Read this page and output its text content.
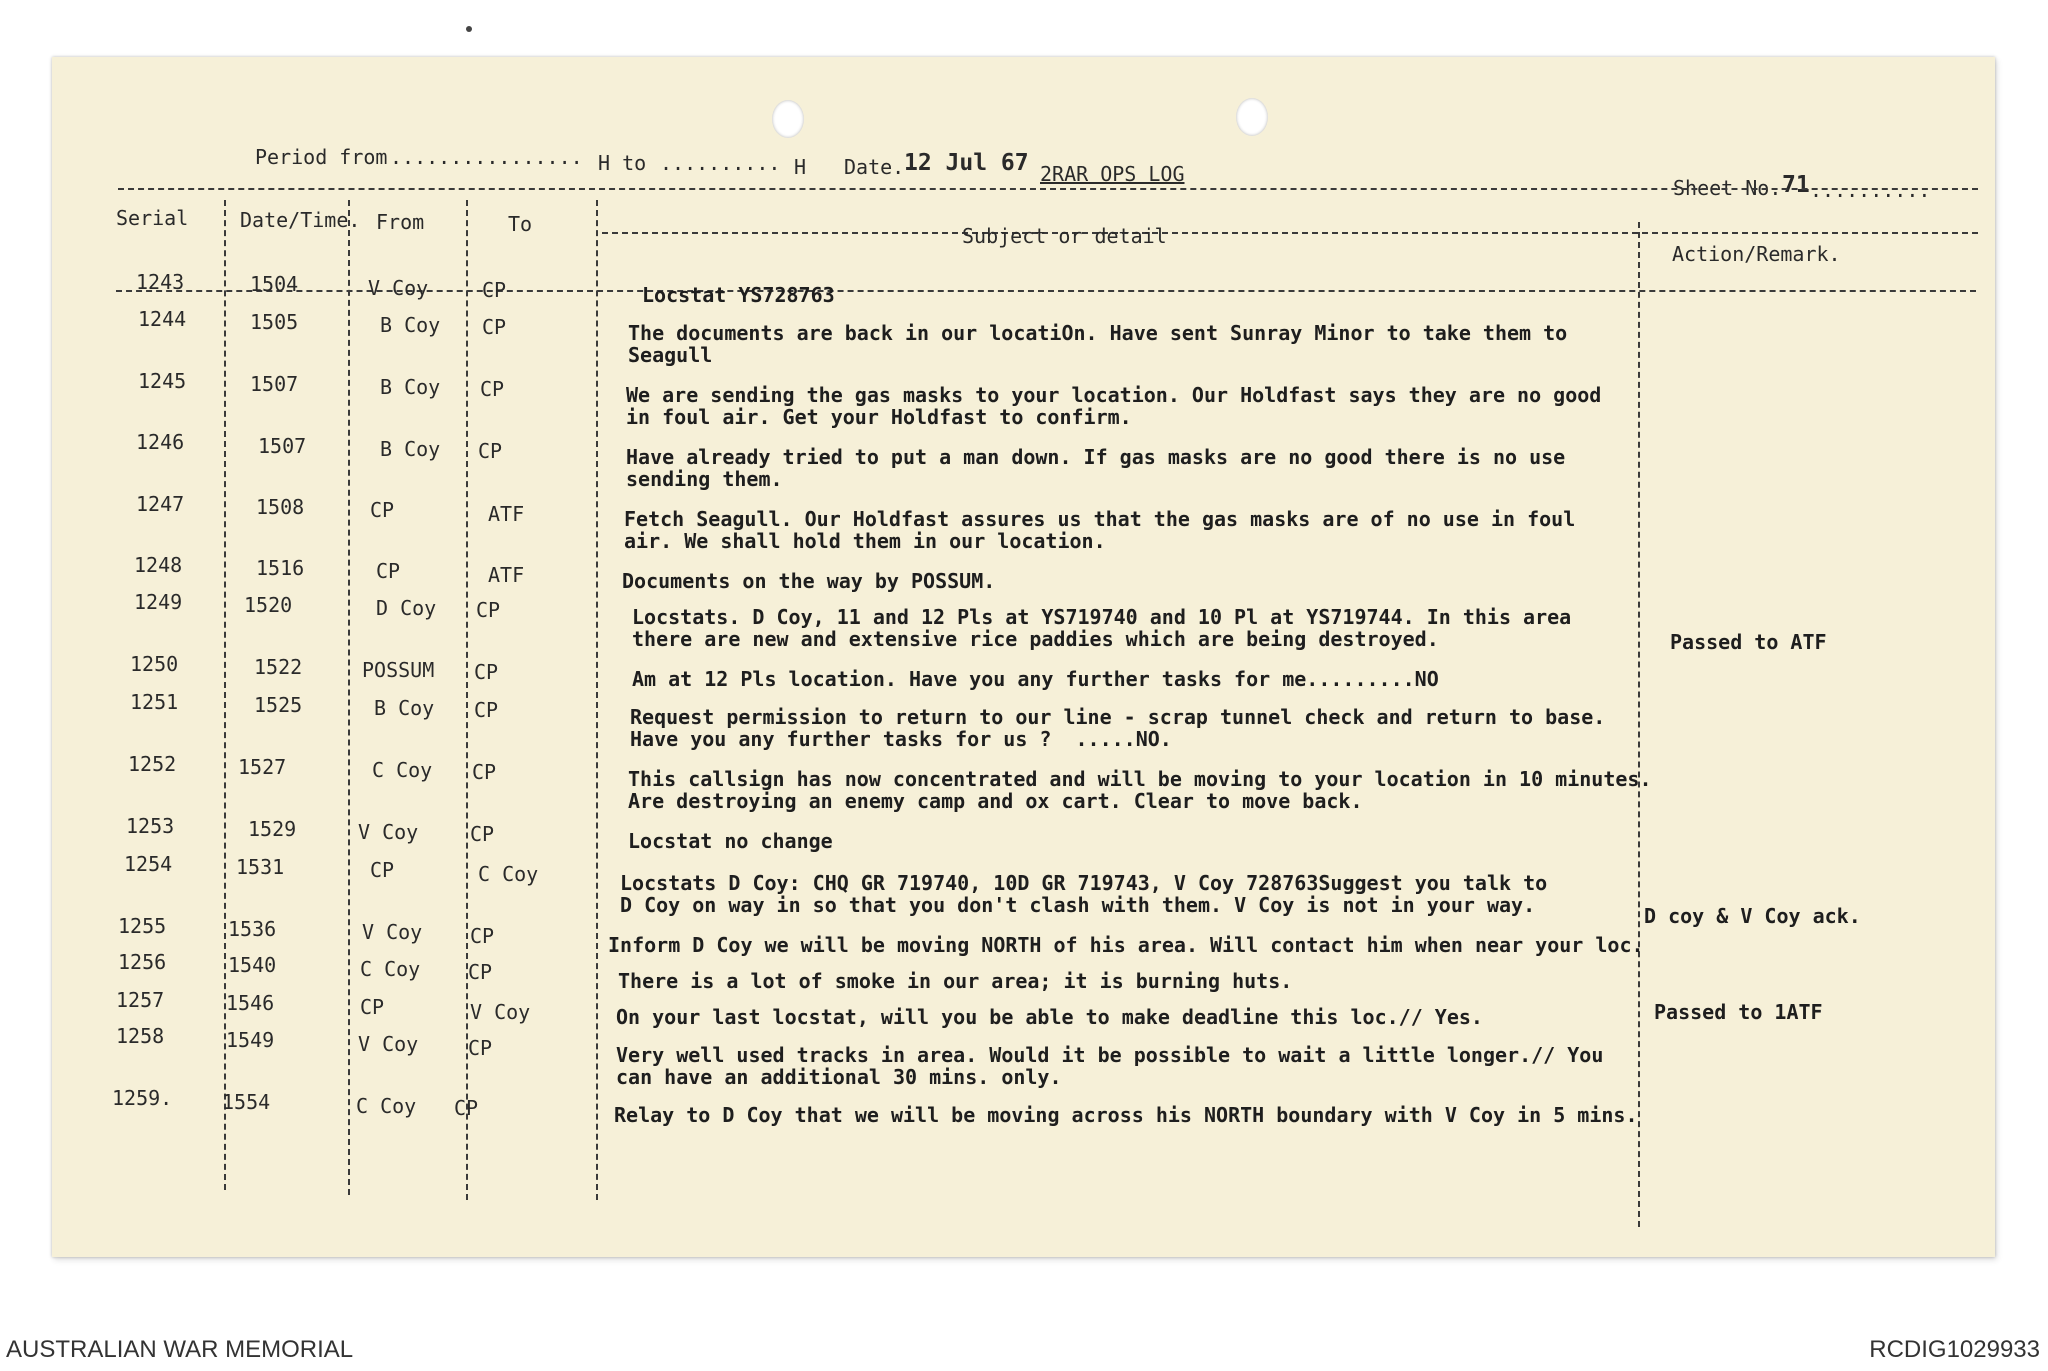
Period from ................ H to .......... H Date. 12 Jul 67 2RAR OPS LOG
Sheet No. 71 ..........
Serial	Date/Time. From	To	Subject or detail
Action/Remark.
1243	1504	V Coy	CP	Locstat YS728763
1244	1505	B Coy CP	The documents are back in our locatiOn. Have sent Sunray Minor to take them to
Seagull
1245	1507	B Coy CP	We are sending the gas masks to your location. Our Holdfast says they are no good
in foul air. Get your Holdfast to confirm.
1246	1507	B Coy CP	Have already tried to put a man down. If gas masks are no good there is no use
sending them.
1247	1508	CP	ATF	Fetch Seagull. Our Holdfast assures us that the gas masks are of no use in foul
air. We shall hold them in our location.
1248	1516	CP	ATF	Documents on the way by POSSUM.
1249	1520	D Coy CP	Locstats. D Coy, 11 and 12 Pls at YS719740 and 10 Pl at YS719744. In this area
there are new and extensive rice paddies which are being destroyed.	Passed to ATF
1250	1522	POSSUM CP	Am at 12 Pls location. Have you any further tasks for me.........NO
1251	1525	B Coy CP	Request permission to return to our line - scrap tunnel check and return to base.
Have you any further tasks for us ?  .....NO.
1252	1527	C Coy CP	This callsign has now concentrated and will be moving to your location in 10 minutes.
Are destroying an enemy camp and ox cart. Clear to move back.
1253	1529	V Coy	CP	Locstat no change
1254	1531	CP	C Coy	Locstats D Coy: CHQ GR 719740, 10D GR 719743, V Coy 728763Suggest you talk to
D Coy on way in so that you don't clash with them. V Coy is not in your way.	D coy & V Coy ack.
1255	1536	V Coy CP	Inform D Coy we will be moving NORTH of his area. Will contact him when near your loc.
1256	1540	C Coy CP	There is a lot of smoke in our area; it is burning huts.
1257	1546	CP	V Coy	On your last locstat, will you be able to make deadline this loc.// Yes.	Passed to 1ATF
1258	1549	V Coy CP	Very well used tracks in area. Would it be possible to wait a little longer.// You
can have an additional 30 mins. only.
1259. 1554	C Coy CP	Relay to D Coy that we will be moving across his NORTH boundary with V Coy in 5 mins.
AUSTRALIAN WAR MEMORIAL	RCDIG1029933
